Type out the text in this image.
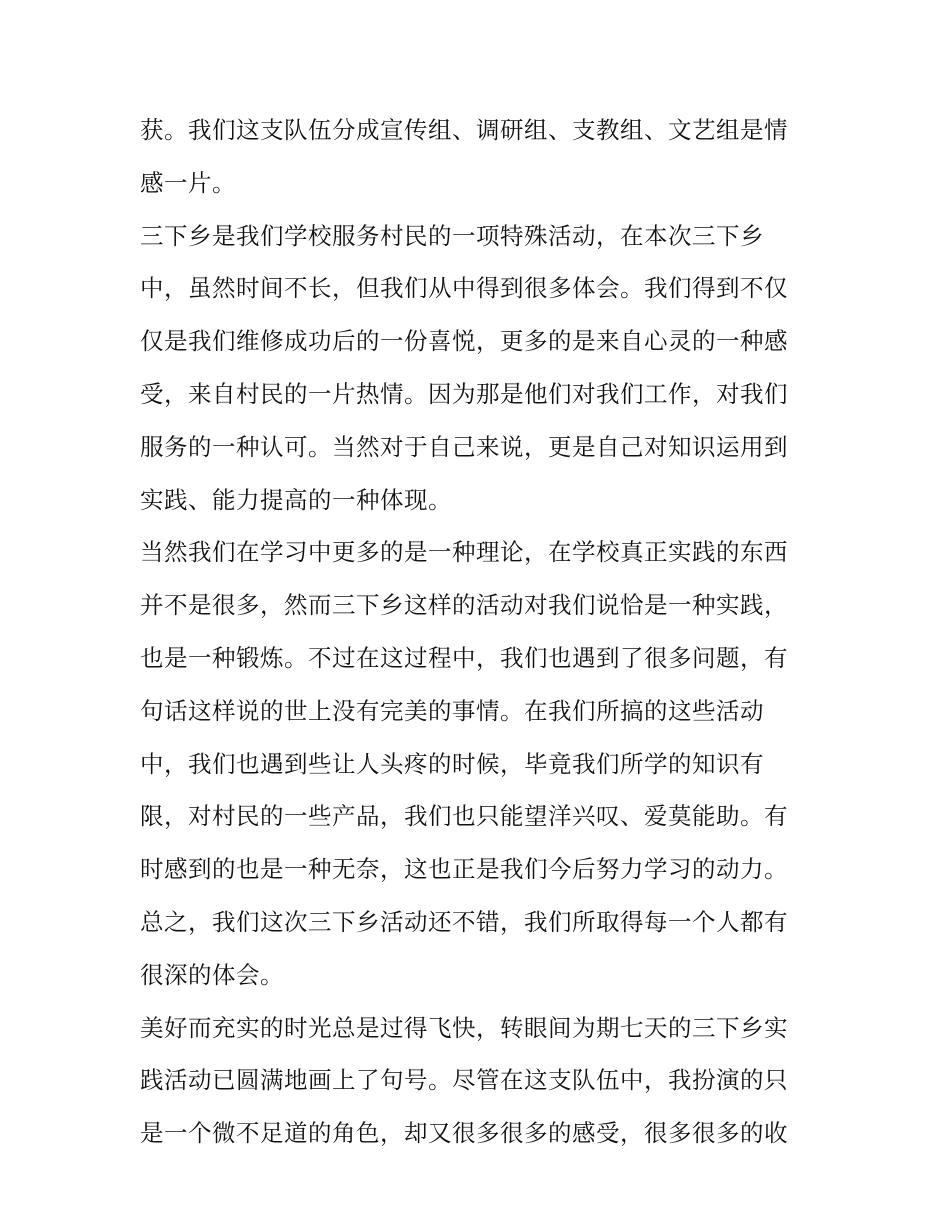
获。我们这支队伍分成宣传组、调研组、支教组、文艺组是情
感一片。
三下乡是我们学校服务村民的一项特殊活动，在本次三下乡
中，虽然时间不长，但我们从中得到很多体会。我们得到不仅
仅是我们维修成功后的一份喜悦，更多的是来自心灵的一种感
受，来自村民的一片热情。因为那是他们对我们工作，对我们
服务的一种认可。当然对于自己来说，更是自己对知识运用到
实践、能力提高的一种体现。
当然我们在学习中更多的是一种理论，在学校真正实践的东西
并不是很多，然而三下乡这样的活动对我们说恰是一种实践，
也是一种锻炼。不过在这过程中，我们也遇到了很多问题，有
句话这样说的世上没有完美的事情。在我们所搞的这些活动
中，我们也遇到些让人头疼的时候，毕竟我们所学的知识有
限，对村民的一些产品，我们也只能望洋兴叹、爱莫能助。有
时感到的也是一种无奈，这也正是我们今后努力学习的动力。
总之，我们这次三下乡活动还不错，我们所取得每一个人都有
很深的体会。
美好而充实的时光总是过得飞快，转眼间为期七天的三下乡实
践活动已圆满地画上了句号。尽管在这支队伍中，我扮演的只
是一个微不足道的角色，却又很多很多的感受，很多很多的收
